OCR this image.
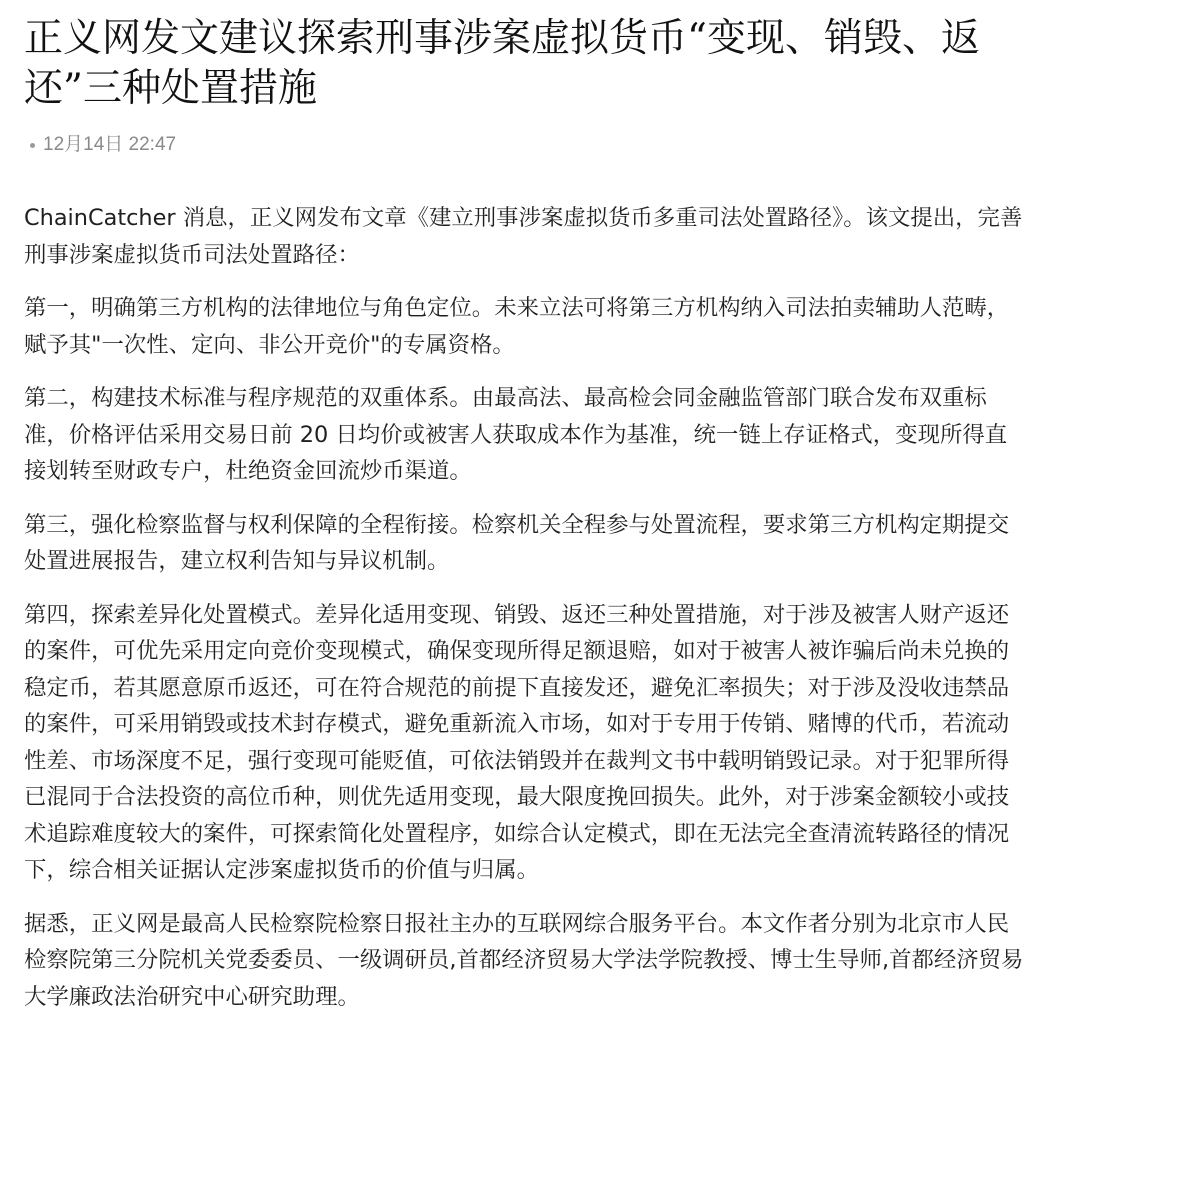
正义网发文建议探索刑事涉案虚拟货币“变现、销毁、返还”三种处置措施
12月14日 22:47

ChainCatcher 消息，正义网发布文章《建立刑事涉案虚拟货币多重司法处置路径》。该文提出，完善刑事涉案虚拟货币司法处置路径：

第一，明确第三方机构的法律地位与角色定位。未来立法可将第三方机构纳入司法拍卖辅助人范畴，赋予其"一次性、定向、非公开竞价"的专属资格。

第二，构建技术标准与程序规范的双重体系。由最高法、最高检会同金融监管部门联合发布双重标准，价格评估采用交易日前 20 日均价或被害人获取成本作为基准，统一链上存证格式，变现所得直接划转至财政专户，杜绝资金回流炒币渠道。

第三，强化检察监督与权利保障的全程衔接。检察机关全程参与处置流程，要求第三方机构定期提交处置进展报告，建立权利告知与异议机制。

第四，探索差异化处置模式。差异化适用变现、销毁、返还三种处置措施，对于涉及被害人财产返还的案件，可优先采用定向竞价变现模式，确保变现所得足额退赔，如对于被害人被诈骗后尚未兑换的稳定币，若其愿意原币返还，可在符合规范的前提下直接发还，避免汇率损失；对于涉及没收违禁品的案件，可采用销毁或技术封存模式，避免重新流入市场，如对于专用于传销、赌博的代币，若流动性差、市场深度不足，强行变现可能贬值，可依法销毁并在裁判文书中载明销毁记录。对于犯罪所得已混同于合法投资的高位币种，则优先适用变现，最大限度挽回损失。此外，对于涉案金额较小或技术追踪难度较大的案件，可探索简化处置程序，如综合认定模式，即在无法完全查清流转路径的情况下，综合相关证据认定涉案虚拟货币的价值与归属。

据悉，正义网是最高人民检察院检察日报社主办的互联网综合服务平台。本文作者分别为北京市人民检察院第三分院机关党委委员、一级调研员,首都经济贸易大学法学院教授、博士生导师,首都经济贸易大学廉政法治研究中心研究助理。
